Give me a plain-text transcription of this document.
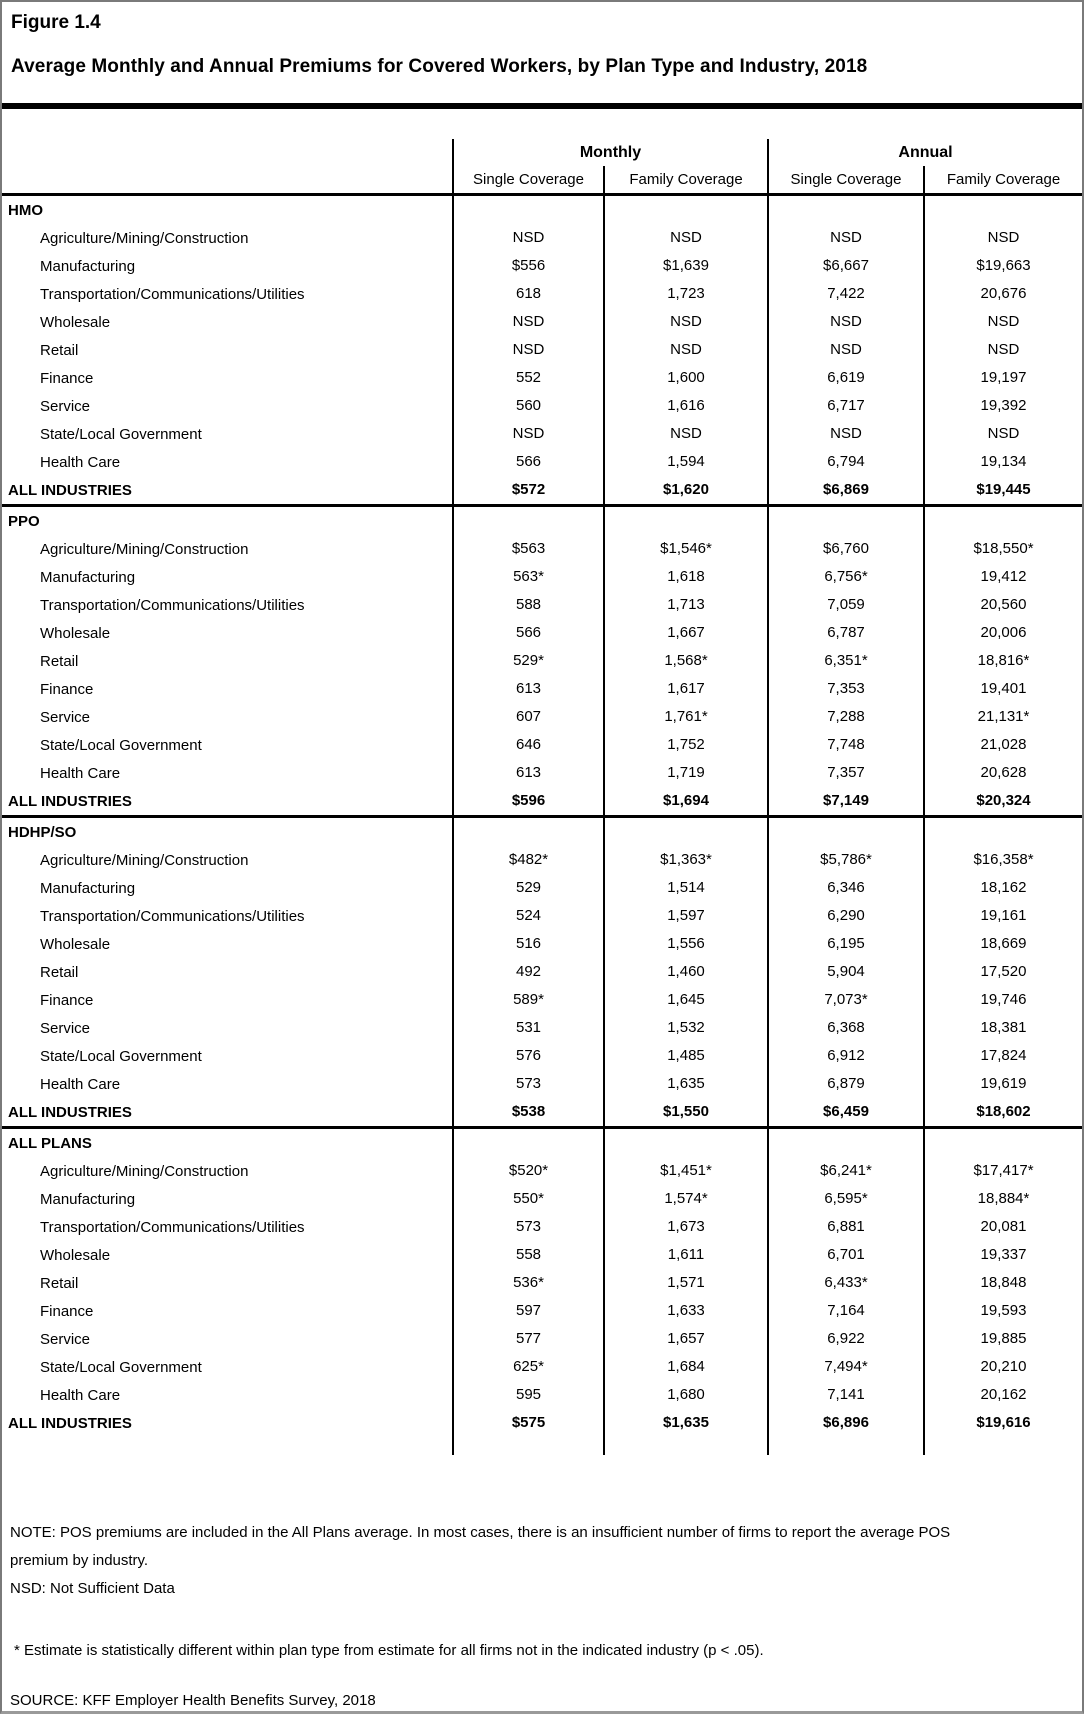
Figure 1.4
Average Monthly and Annual Premiums for Covered Workers, by Plan Type and Industry, 2018
Monthly	Annual
Single Coverage	Family Coverage	Single Coverage	Family Coverage
HMO
Agriculture/Mining/Construction	NSD	NSD	NSD	NSD
Manufacturing	$556	$1,639	$6,667	$19,663
Transportation/Communications/Utilities	618	1,723	7,422	20,676
Wholesale	NSD	NSD	NSD	NSD
Retail	NSD	NSD	NSD	NSD
Finance	552	1,600	6,619	19,197
Service	560	1,616	6,717	19,392
State/Local Government	NSD	NSD	NSD	NSD
Health Care	566	1,594	6,794	19,134
ALL INDUSTRIES	$572	$1,620	$6,869	$19,445
PPO
Agriculture/Mining/Construction	$563	$1,546*	$6,760	$18,550*
Manufacturing	563*	1,618	6,756*	19,412
Transportation/Communications/Utilities	588	1,713	7,059	20,560
Wholesale	566	1,667	6,787	20,006
Retail	529*	1,568*	6,351*	18,816*
Finance	613	1,617	7,353	19,401
Service	607	1,761*	7,288	21,131*
State/Local Government	646	1,752	7,748	21,028
Health Care	613	1,719	7,357	20,628
ALL INDUSTRIES	$596	$1,694	$7,149	$20,324
HDHP/SO
Agriculture/Mining/Construction	$482*	$1,363*	$5,786*	$16,358*
Manufacturing	529	1,514	6,346	18,162
Transportation/Communications/Utilities	524	1,597	6,290	19,161
Wholesale	516	1,556	6,195	18,669
Retail	492	1,460	5,904	17,520
Finance	589*	1,645	7,073*	19,746
Service	531	1,532	6,368	18,381
State/Local Government	576	1,485	6,912	17,824
Health Care	573	1,635	6,879	19,619
ALL INDUSTRIES	$538	$1,550	$6,459	$18,602
ALL PLANS
Agriculture/Mining/Construction	$520*	$1,451*	$6,241*	$17,417*
Manufacturing	550*	1,574*	6,595*	18,884*
Transportation/Communications/Utilities	573	1,673	6,881	20,081
Wholesale	558	1,611	6,701	19,337
Retail	536*	1,571	6,433*	18,848
Finance	597	1,633	7,164	19,593
Service	577	1,657	6,922	19,885
State/Local Government	625*	1,684	7,494*	20,210
Health Care	595	1,680	7,141	20,162
ALL INDUSTRIES	$575	$1,635	$6,896	$19,616
NOTE: POS premiums are included in the All Plans average. In most cases, there is an insufficient number of firms to report the average POS premium by industry.
NSD: Not Sufficient Data
* Estimate is statistically different within plan type from estimate for all firms not in the indicated industry (p < .05).
SOURCE: KFF Employer Health Benefits Survey, 2018
